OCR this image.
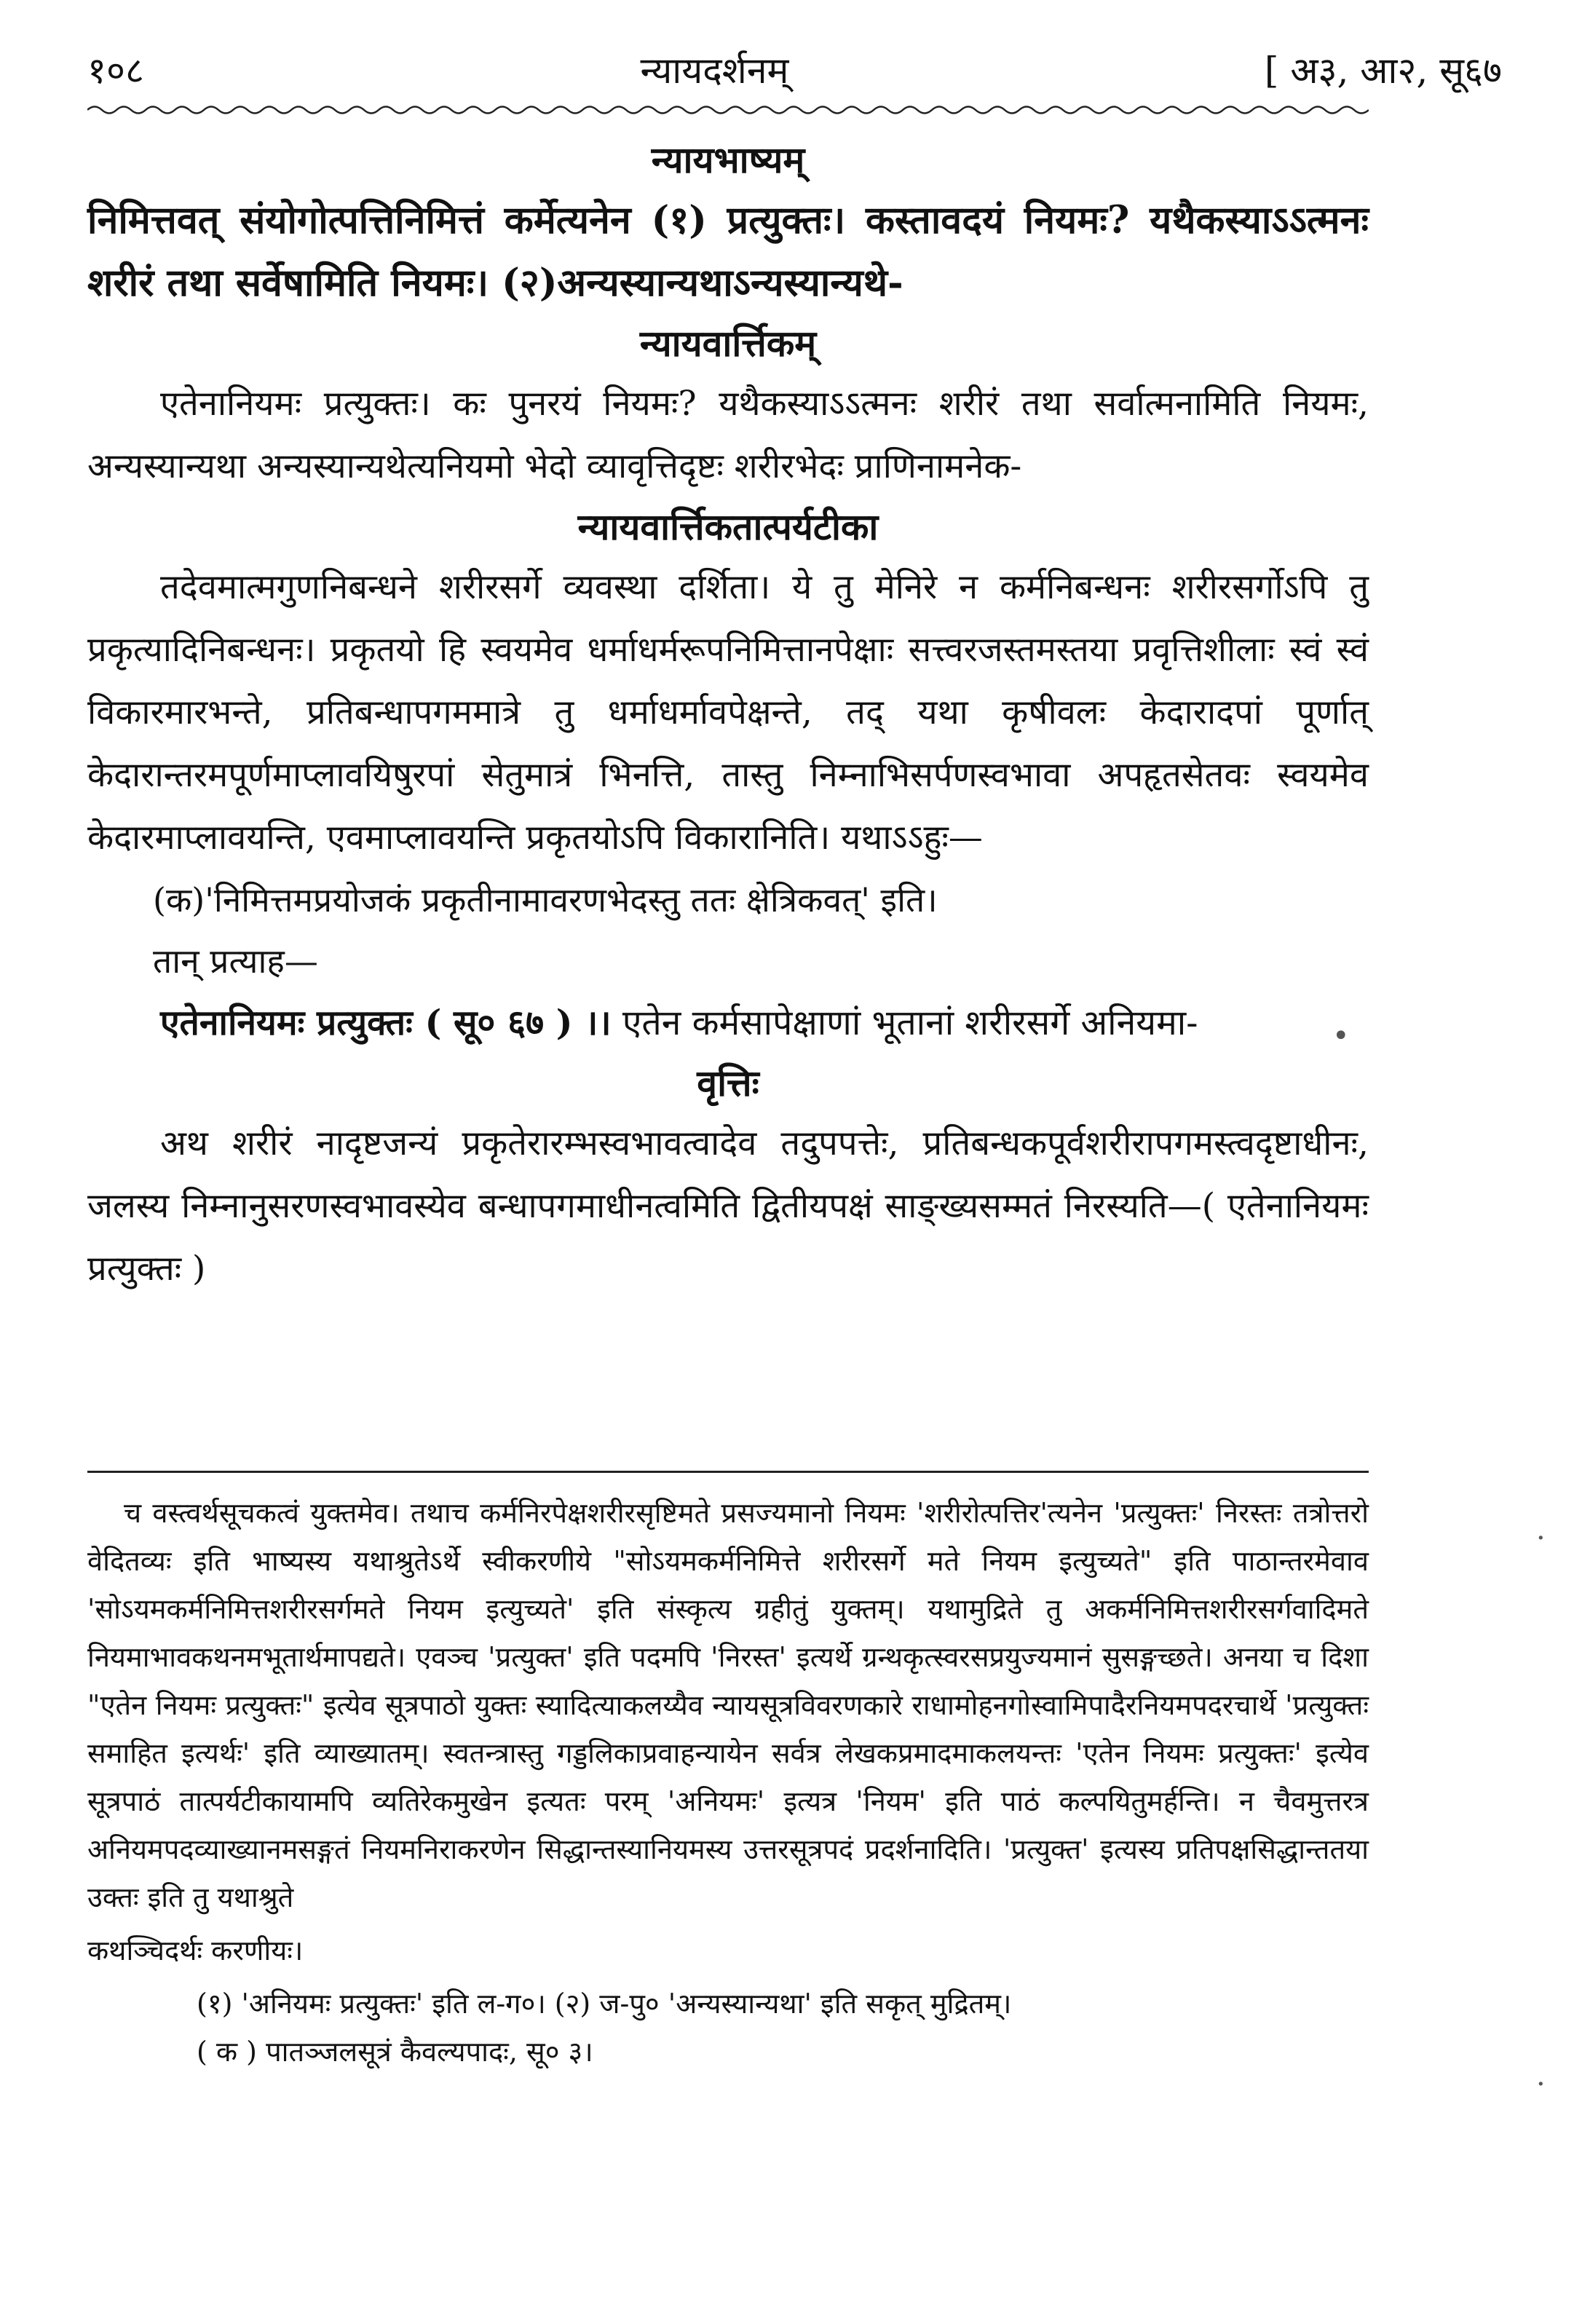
१०८	न्यायदर्शनम्	[ अ३, आ२, सू६७
न्यायभाष्यम्
निमित्तवत् संयोगोत्पत्तिनिमित्तं कर्मेत्यनेन (१) प्रत्युक्तः। कस्तावदयं नियमः? यथैकस्याऽऽत्मनः शरीरं तथा सर्वेषामिति नियमः। (२)अन्यस्यान्यथाऽन्यस्यान्यथे-
न्यायवार्त्तिकम्
एतेनानियमः प्रत्युक्तः। कः पुनरयं नियमः? यथैकस्याऽऽत्मनः शरीरं तथा सर्वात्मनामिति नियमः, अन्यस्यान्यथा अन्यस्यान्यथेत्यनियमो भेदो व्यावृत्तिदृष्टः शरीरभेदः प्राणिनामनेक-
न्यायवार्त्तिकतात्पर्यटीका
तदेवमात्मगुणनिबन्धने शरीरसर्गे व्यवस्था दर्शिता। ये तु मेनिरे न कर्मनिबन्धनः शरीरसर्गोऽपि तु प्रकृत्यादिनिबन्धनः। प्रकृतयो हि स्वयमेव धर्माधर्मरूपनिमित्तानपेक्षाः सत्त्वरजस्तमस्तया प्रवृत्तिशीलाः स्वं स्वं विकारमारभन्ते, प्रतिबन्धापगममात्रे तु धर्माधर्मावपेक्षन्ते, तद् यथा कृषीवलः केदारादपां पूर्णात् केदारान्तरमपूर्णमाप्लावयिषुरपां सेतुमात्रं भिनत्ति, तास्तु निम्नाभिसर्पणस्वभावा अपहृतसेतवः स्वयमेव केदारमाप्लावयन्ति, एवमाप्लावयन्ति प्रकृतयोऽपि विकारानिति। यथाऽऽहुः—
(क)'निमित्तमप्रयोजकं प्रकृतीनामावरणभेदस्तु ततः क्षेत्रिकवत्' इति।
तान् प्रत्याह—
एतेनानियमः प्रत्युक्तः ( सू० ६७ ) ।। एतेन कर्मसापेक्षाणां भूतानां शरीरसर्गे अनियमा-
वृत्तिः
अथ शरीरं नादृष्टजन्यं प्रकृतेरारम्भस्वभावत्वादेव तदुपपत्तेः, प्रतिबन्धकपूर्वशरीरापगमस्त्वदृष्टाधीनः, जलस्य निम्नानुसरणस्वभावस्येव बन्धापगमाधीनत्वमिति द्वितीयपक्षं साङ्ख्यसम्मतं निरस्यति—( एतेनानियमः प्रत्युक्तः )
•
·
·
च वस्त्वर्थसूचकत्वं युक्तमेव। तथाच कर्मनिरपेक्षशरीरसृष्टिमते प्रसज्यमानो नियमः 'शरीरोत्पत्तिर'त्यनेन 'प्रत्युक्तः' निरस्तः तत्रोत्तरो वेदितव्यः इति भाष्यस्य यथाश्रुतेऽर्थे स्वीकरणीये "सोऽयमकर्मनिमित्ते शरीरसर्गे मते नियम इत्युच्यते" इति पाठान्तरमेवाव 'सोऽयमकर्मनिमित्तशरीरसर्गमते नियम इत्युच्यते' इति संस्कृत्य ग्रहीतुं युक्तम्। यथामुद्रिते तु अकर्मनिमित्तशरीरसर्गवादिमते नियमाभावकथनमभूतार्थमापद्यते। एवञ्च 'प्रत्युक्त' इति पदमपि 'निरस्त' इत्यर्थे ग्रन्थकृत्स्वरसप्रयुज्यमानं सुसङ्गच्छते। अनया च दिशा "एतेन नियमः प्रत्युक्तः" इत्येव सूत्रपाठो युक्तः स्यादित्याकलय्यैव न्यायसूत्रविवरणकारे राधामोहनगोस्वामिपादैरनियमपदरचार्थे 'प्रत्युक्तः समाहित इत्यर्थः' इति व्याख्यातम्। स्वतन्त्रास्तु गड्डलिकाप्रवाहन्यायेन सर्वत्र लेखकप्रमादमाकलयन्तः 'एतेन नियमः प्रत्युक्तः' इत्येव सूत्रपाठं तात्पर्यटीकायामपि व्यतिरेकमुखेन इत्यतः परम् 'अनियमः' इत्यत्र 'नियम' इति पाठं कल्पयितुमर्हन्ति। न चैवमुत्तरत्र अनियमपदव्याख्यानमसङ्गतं नियमनिराकरणेन सिद्धान्तस्यानियमस्य उत्तरसूत्रपदं प्रदर्शनादिति। 'प्रत्युक्त' इत्यस्य प्रतिपक्षसिद्धान्ततया उक्तः इति तु यथाश्रुते
कथञ्चिदर्थः करणीयः।
(१) 'अनियमः प्रत्युक्तः' इति ल-ग०। (२) ज-पु० 'अन्यस्यान्यथा' इति सकृत् मुद्रितम्।
( क ) पातञ्जलसूत्रं कैवल्यपादः, सू० ३।
